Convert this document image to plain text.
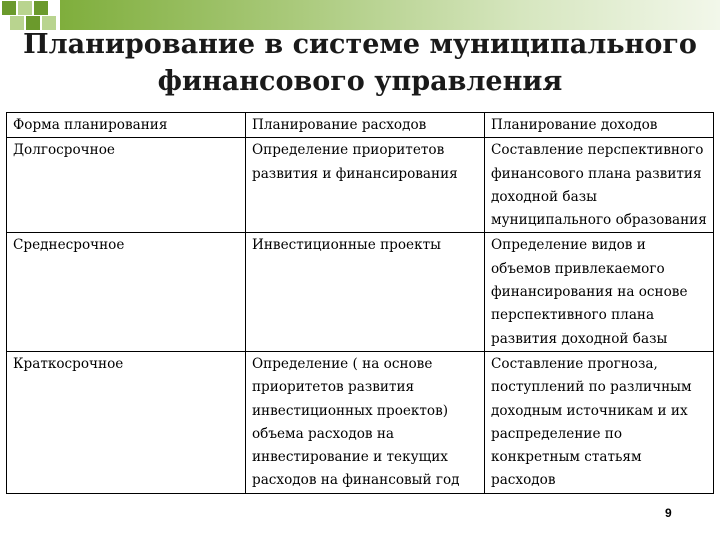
Планирование в системе муниципального финансового управления
Форма планирования	Планирование расходов	Планирование доходов
Долгосрочное	Определение приоритетов развития и финансирования	Составление перспективного финансового плана развития доходной базы муниципального образования
Среднесрочное	Инвестиционные проекты	Определение видов и объемов привлекаемого финансирования на основе перспективного плана развития доходной базы
Краткосрочное	Определение ( на основе приоритетов развития инвестиционных проектов) объема расходов на инвестирование и текущих расходов на финансовый год	Составление прогноза, поступлений по различным доходным источникам и их распределение по конкретным статьям расходов
9
